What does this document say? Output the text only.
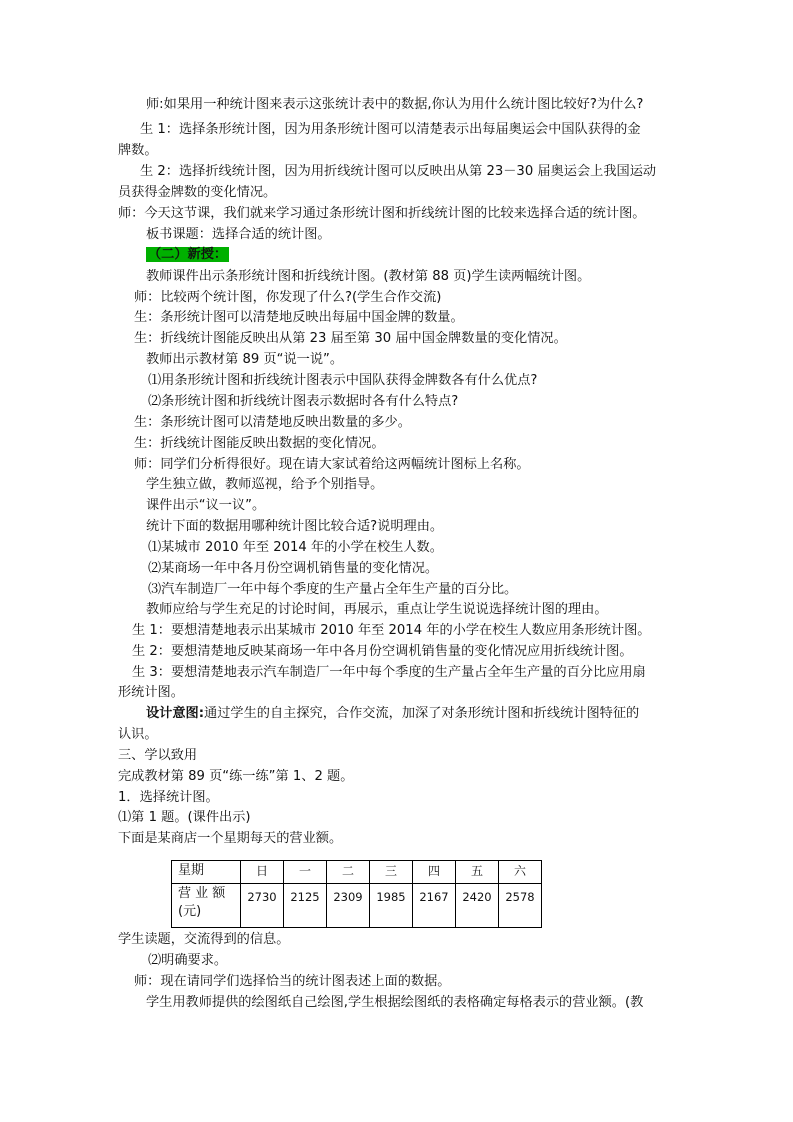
师:如果用一种统计图来表示这张统计表中的数据,你认为用什么统计图比较好?为什么?
生 1：选择条形统计图，因为用条形统计图可以清楚表示出每届奥运会中国队获得的金
牌数。
生 2：选择折线统计图，因为用折线统计图可以反映出从第 23－30 届奥运会上我国运动
员获得金牌数的变化情况。
师：今天这节课，我们就来学习通过条形统计图和折线统计图的比较来选择合适的统计图。
板书课题：选择合适的统计图。
（二）新授：
教师课件出示条形统计图和折线统计图。(教材第 88 页)学生读两幅统计图。
师：比较两个统计图，你发现了什么?(学生合作交流)
生：条形统计图可以清楚地反映出每届中国金牌的数量。
生：折线统计图能反映出从第 23 届至第 30 届中国金牌数量的变化情况。
教师出示教材第 89 页“说一说”。
⑴用条形统计图和折线统计图表示中国队获得金牌数各有什么优点?
⑵条形统计图和折线统计图表示数据时各有什么特点?
生：条形统计图可以清楚地反映出数量的多少。
生：折线统计图能反映出数据的变化情况。
师：同学们分析得很好。现在请大家试着给这两幅统计图标上名称。
学生独立做，教师巡视，给予个别指导。
课件出示“议一议”。
统计下面的数据用哪种统计图比较合适?说明理由。
⑴某城市 2010 年至 2014 年的小学在校生人数。
⑵某商场一年中各月份空调机销售量的变化情况。
⑶汽车制造厂一年中每个季度的生产量占全年生产量的百分比。
教师应给与学生充足的讨论时间，再展示，重点让学生说说选择统计图的理由。
生 1：要想清楚地表示出某城市 2010 年至 2014 年的小学在校生人数应用条形统计图。
生 2：要想清楚地反映某商场一年中各月份空调机销售量的变化情况应用折线统计图。
生 3：要想清楚地表示汽车制造厂一年中每个季度的生产量占全年生产量的百分比应用扇
形统计图。
设计意图:通过学生的自主探究，合作交流，加深了对条形统计图和折线统计图特征的
认识。
三、学以致用
完成教材第 89 页“练一练”第 1、2 题。
1．选择统计图。
⑴第 1 题。(课件出示)
下面是某商店一个星期每天的营业额。
星期	日	一	二	三	四	五	六
营 业 额 (元)	2730	2125	2309	1985	2167	2420	2578
学生读题，交流得到的信息。
⑵明确要求。
师：现在请同学们选择恰当的统计图表述上面的数据。
学生用教师提供的绘图纸自己绘图,学生根据绘图纸的表格确定每格表示的营业额。(教
